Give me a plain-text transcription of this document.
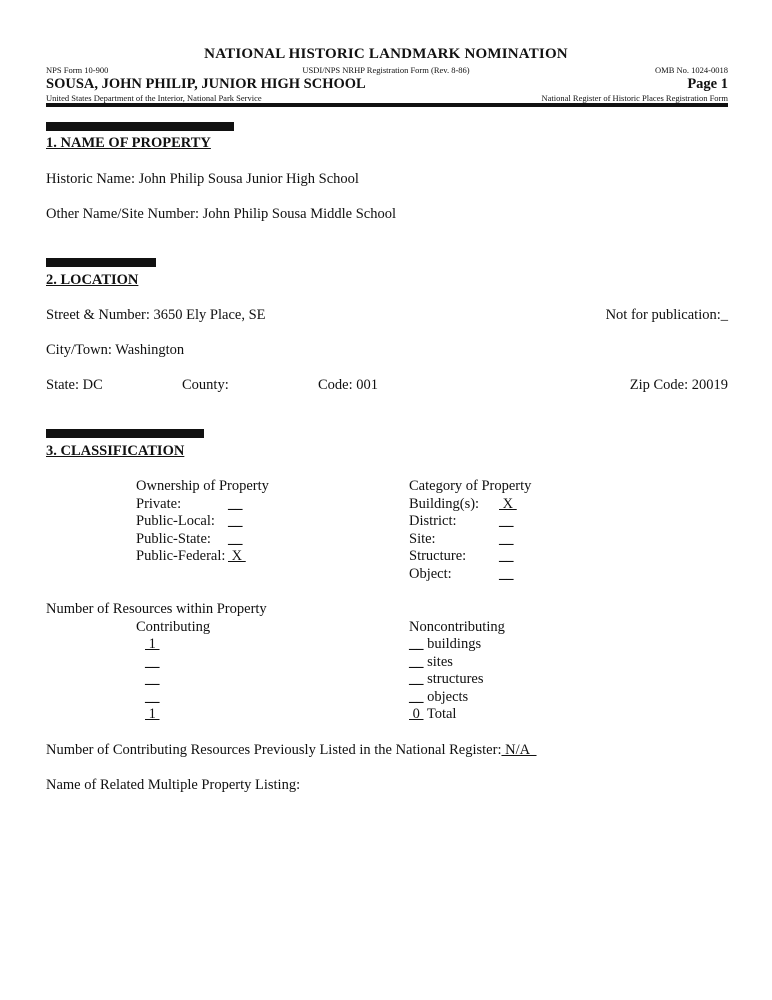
NATIONAL HISTORIC LANDMARK NOMINATION
NPS Form 10-900	USDI/NPS NRHP Registration Form (Rev. 8-86)	OMB No. 1024-0018
SOUSA, JOHN PHILIP, JUNIOR HIGH SCHOOL	Page 1
United States Department of the Interior, National Park Service	National Register of Historic Places Registration Form
1. NAME OF PROPERTY
Historic Name: John Philip Sousa Junior High School
Other Name/Site Number: John Philip Sousa Middle School
2. LOCATION
Street & Number: 3650 Ely Place, SE	Not for publication:_
City/Town: Washington
State: DC	County:	Code: 001	Zip Code: 20019
3. CLASSIFICATION
Ownership of Property
Private:	__
Public-Local: __
Public-State: __
Public-Federal: X
Category of Property
Building(s): X
District:	__
Site:	__
Structure: __
Object:	__
Number of Resources within Property
Contributing	Noncontributing
1	__ buildings
__	__ sites
__	__ structures
__	__ objects
1	0  Total
Number of Contributing Resources Previously Listed in the National Register: N/A
Name of Related Multiple Property Listing:
